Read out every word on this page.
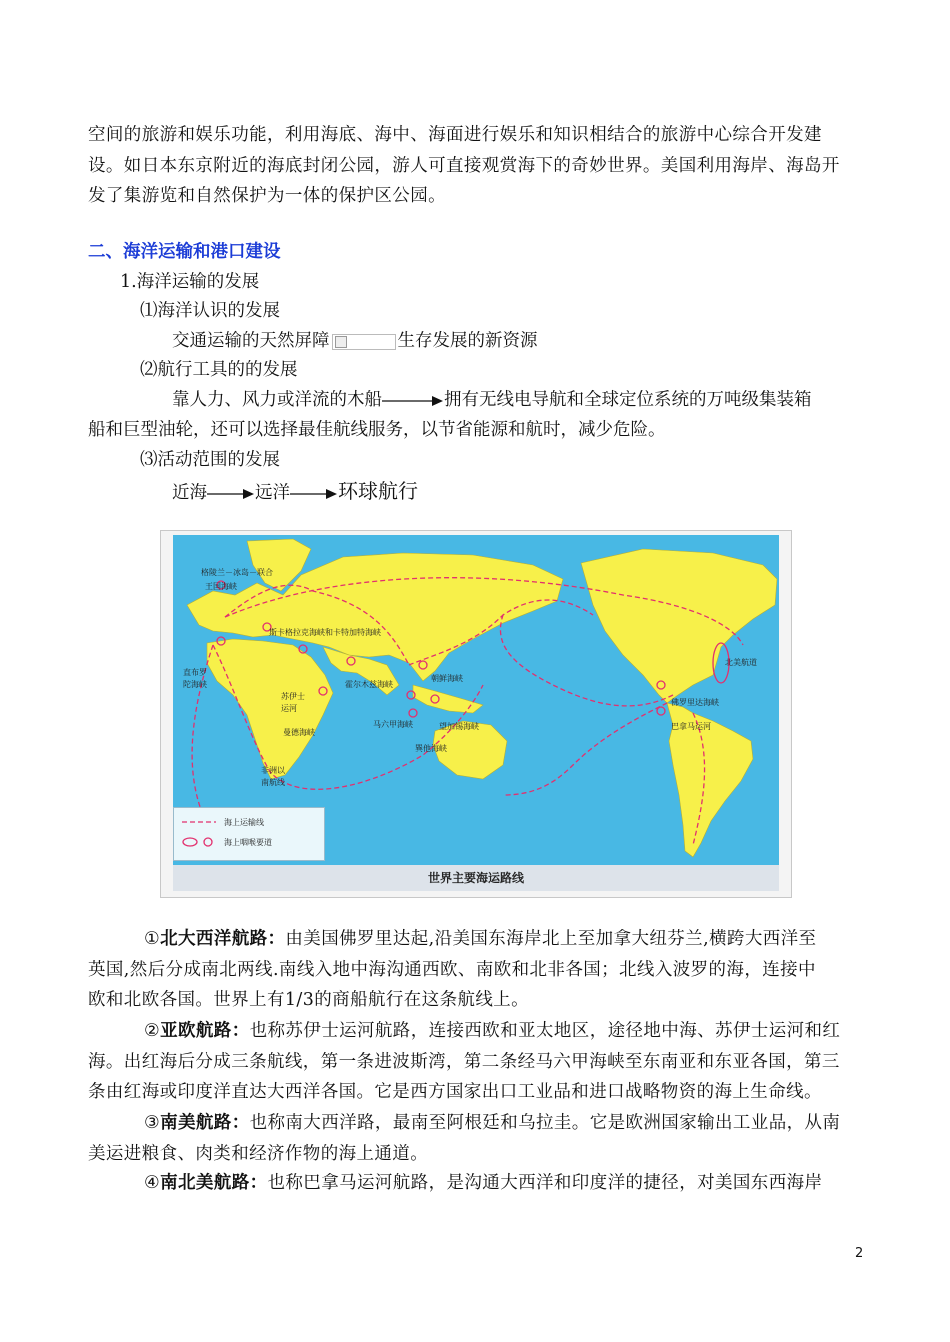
空间的旅游和娱乐功能，利用海底、海中、海面进行娱乐和知识相结合的旅游中心综合开发建
设。如日本东京附近的海底封闭公园，游人可直接观赏海下的奇妙世界。美国利用海岸、海岛开
发了集游览和自然保护为一体的保护区公园。
二、海洋运输和港口建设
1.海洋运输的发展
⑴海洋认识的发展
交通运输的天然屏障	生存发展的新资源
⑵航行工具的的发展
靠人力、风力或洋流的木船	拥有无线电导航和全球定位系统的万吨级集装箱
船和巨型油轮，还可以选择最佳航线服务，以节省能源和航时，减少危险。
⑶活动范围的发展
近海	远洋 环球航行
格陵兰－冰岛－联合
王国海峡
斯卡格拉克海峡和卡特加特海峡
直布罗
陀海峡
苏伊士
运河
曼德海峡
霍尔木兹海峡
朝鲜海峡
马六甲海峡	望加锡海峡
巽他海峡
非洲以
南航线
北美航道
佛罗里达海峡
巴拿马运河
海上运输线
海上咽喉要道
世界主要海运路线
①北大西洋航路：由美国佛罗里达起,沿美国东海岸北上至加拿大纽芬兰,横跨大西洋至
英国,然后分成南北两线.南线入地中海沟通西欧、南欧和北非各国；北线入波罗的海，连接中
欧和北欧各国。世界上有1/3的商船航行在这条航线上。
②亚欧航路：也称苏伊士运河航路，连接西欧和亚太地区，途径地中海、苏伊士运河和红
海。出红海后分成三条航线，第一条进波斯湾，第二条经马六甲海峡至东南亚和东亚各国，第三
条由红海或印度洋直达大西洋各国。它是西方国家出口工业品和进口战略物资的海上生命线。
③南美航路：也称南大西洋路，最南至阿根廷和乌拉圭。它是欧洲国家输出工业品，从南
美运进粮食、肉类和经济作物的海上通道。
④南北美航路：也称巴拿马运河航路，是沟通大西洋和印度洋的捷径，对美国东西海岸
2
